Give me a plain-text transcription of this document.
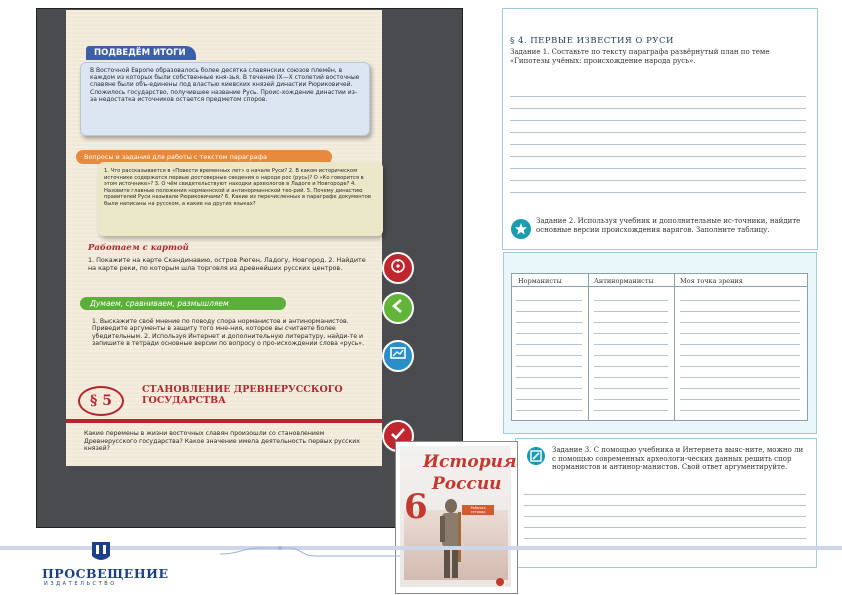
ПОДВЕДЁМ ИТОГИ
В Восточной Европе образовалось более десятка славянских союзов племён, в каждом из которых были собственные кня-зья. В течение IX—X столетий восточные славяне были объ-единены под властью киевских князей династии Рюриковичей. Сложилось государство, получившее название Русь. Проис-хождение династии из-за недостатка источников остается предметом споров.
Вопросы и задания для работы с текстом параграфа
1. Что рассказывается в «Повести временных лет» о начале Руси? 2. В каком историческом источнике содержатся первые достоверные сведения о народе рос (русь)? О «Ко говорится в этом источнике»? 3. О чём свидетельствуют находки археологов в Ладоге и Новгороде? 4. Назовите главные положения норманнской и антинорманнской тео-рий. 5. Почему династию правителей Руси называли Рюриковичами? 6. Какие из перечисленных в параграфе документов были написаны на русском, а какие на других языках?
Работаем с картой
1. Покажите на карте Скандинавию, остров Рюген, Ладогу, Новгород. 2. Найдите на карте реки, по которым шла торговля из древнейших русских центров.
Думаем, сравниваем, размышляем
1. Выскажите своё мнение по поводу спора норманистов и антинорманистов. Приведите аргументы в защиту того мне-ния, которое вы считаете более убедительным. 2. Используя Интернет и дополнительную литературу, найди-те и запишите в тетради основные версии по вопросу о про-исхождении слова «русь».
§ 5
СТАНОВЛЕНИЕ ДРЕВНЕРУССКОГО ГОСУДАРСТВА
Какие перемены в жизни восточных славян произошли со становлением Древнерусского государства? Какое значение имела деятельность первых русских князей?
§ 4. ПЕРВЫЕ ИЗВЕСТИЯ О РУСИ
Задание 1. Составьте по тексту параграфа развёрнутый план по теме «Гипотезы учёных: происхождение народа русь».
Задание 2. Используя учебник и дополнительные ис-точники, найдите основные версии происхождения варягов. Заполните таблицу.
Норманисты	Антинорманисты	Моя точка зрения
Задание 3. С помощью учебника и Интернета выяс-ните, можно ли с помощью современных археологи-ческих данных решить спор норманистов и антинор-манистов. Свой ответ аргументируйте.
История
России
6	Рабочая тетрадь
ПРОСВЕЩЕНИЕ
ИЗДАТЕЛЬСТВО
